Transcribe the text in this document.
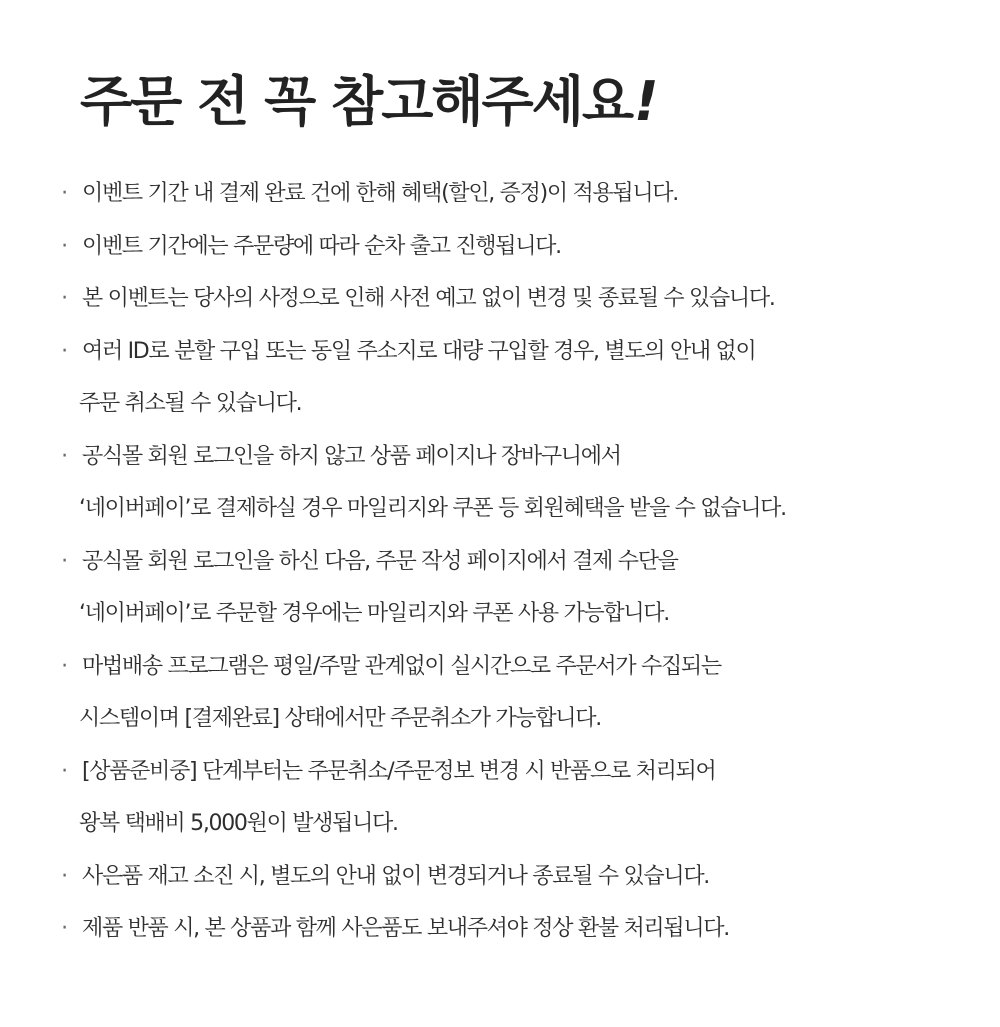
주문 전 꼭 참고해주세요!
· 이벤트 기간 내 결제 완료 건에 한해 혜택(할인, 증정)이 적용됩니다.
· 이벤트 기간에는 주문량에 따라 순차 출고 진행됩니다.
· 본 이벤트는 당사의 사정으로 인해 사전 예고 없이 변경 및 종료될 수 있습니다.
· 여러 ID로 분할 구입 또는 동일 주소지로 대량 구입할 경우, 별도의 안내 없이
주문 취소될 수 있습니다.
· 공식몰 회원 로그인을 하지 않고 상품 페이지나 장바구니에서
‘네이버페이’로 결제하실 경우 마일리지와 쿠폰 등 회원혜택을 받을 수 없습니다.
· 공식몰 회원 로그인을 하신 다음, 주문 작성 페이지에서 결제 수단을
‘네이버페이’로 주문할 경우에는 마일리지와 쿠폰 사용 가능합니다.
· 마법배송 프로그램은 평일/주말 관계없이 실시간으로 주문서가 수집되는
시스템이며 [결제완료] 상태에서만 주문취소가 가능합니다.
· [상품준비중] 단계부터는 주문취소/주문정보 변경 시 반품으로 처리되어
왕복 택배비 5,000원이 발생됩니다.
· 사은품 재고 소진 시, 별도의 안내 없이 변경되거나 종료될 수 있습니다.
· 제품 반품 시, 본 상품과 함께 사은품도 보내주셔야 정상 환불 처리됩니다.
